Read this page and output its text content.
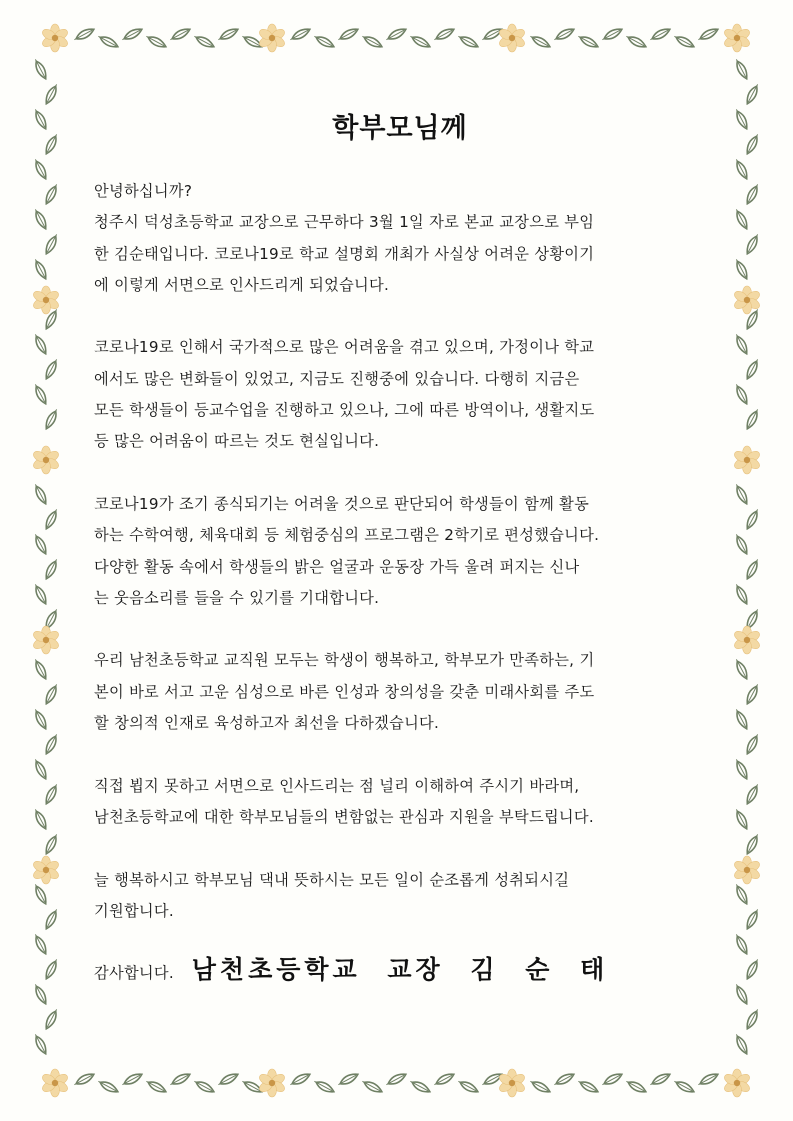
학부모님께

안녕하십니까?
청주시 덕성초등학교 교장으로 근무하다 3월 1일 자로 본교 교장으로 부임
한 김순태입니다. 코로나19로 학교 설명회 개최가 사실상 어려운 상황이기
에 이렇게 서면으로 인사드리게 되었습니다.

코로나19로 인해서 국가적으로 많은 어려움을 겪고 있으며, 가정이나 학교
에서도 많은 변화들이 있었고, 지금도 진행중에 있습니다. 다행히 지금은
모든 학생들이 등교수업을 진행하고 있으나, 그에 따른 방역이나, 생활지도
등 많은 어려움이 따르는 것도 현실입니다.

코로나19가 조기 종식되기는 어려울 것으로 판단되어 학생들이 함께 활동
하는 수학여행, 체육대회 등 체험중심의 프로그램은 2학기로 편성했습니다.
다양한 활동 속에서 학생들의 밝은 얼굴과 운동장 가득 울려 퍼지는 신나
는 웃음소리를 들을 수 있기를 기대합니다.

우리 남천초등학교 교직원 모두는 학생이 행복하고, 학부모가 만족하는, 기
본이 바로 서고 고운 심성으로 바른 인성과 창의성을 갖춘 미래사회를 주도
할 창의적 인재로 육성하고자 최선을 다하겠습니다.

직접 뵙지 못하고 서면으로 인사드리는 점 널리 이해하여 주시기 바라며,
남천초등학교에 대한 학부모님들의 변함없는 관심과 지원을 부탁드립니다.

늘 행복하시고 학부모님 댁내 뜻하시는 모든 일이 순조롭게 성취되시길
기원합니다.

감사합니다. 남천초등학교 교장 김 순 태
